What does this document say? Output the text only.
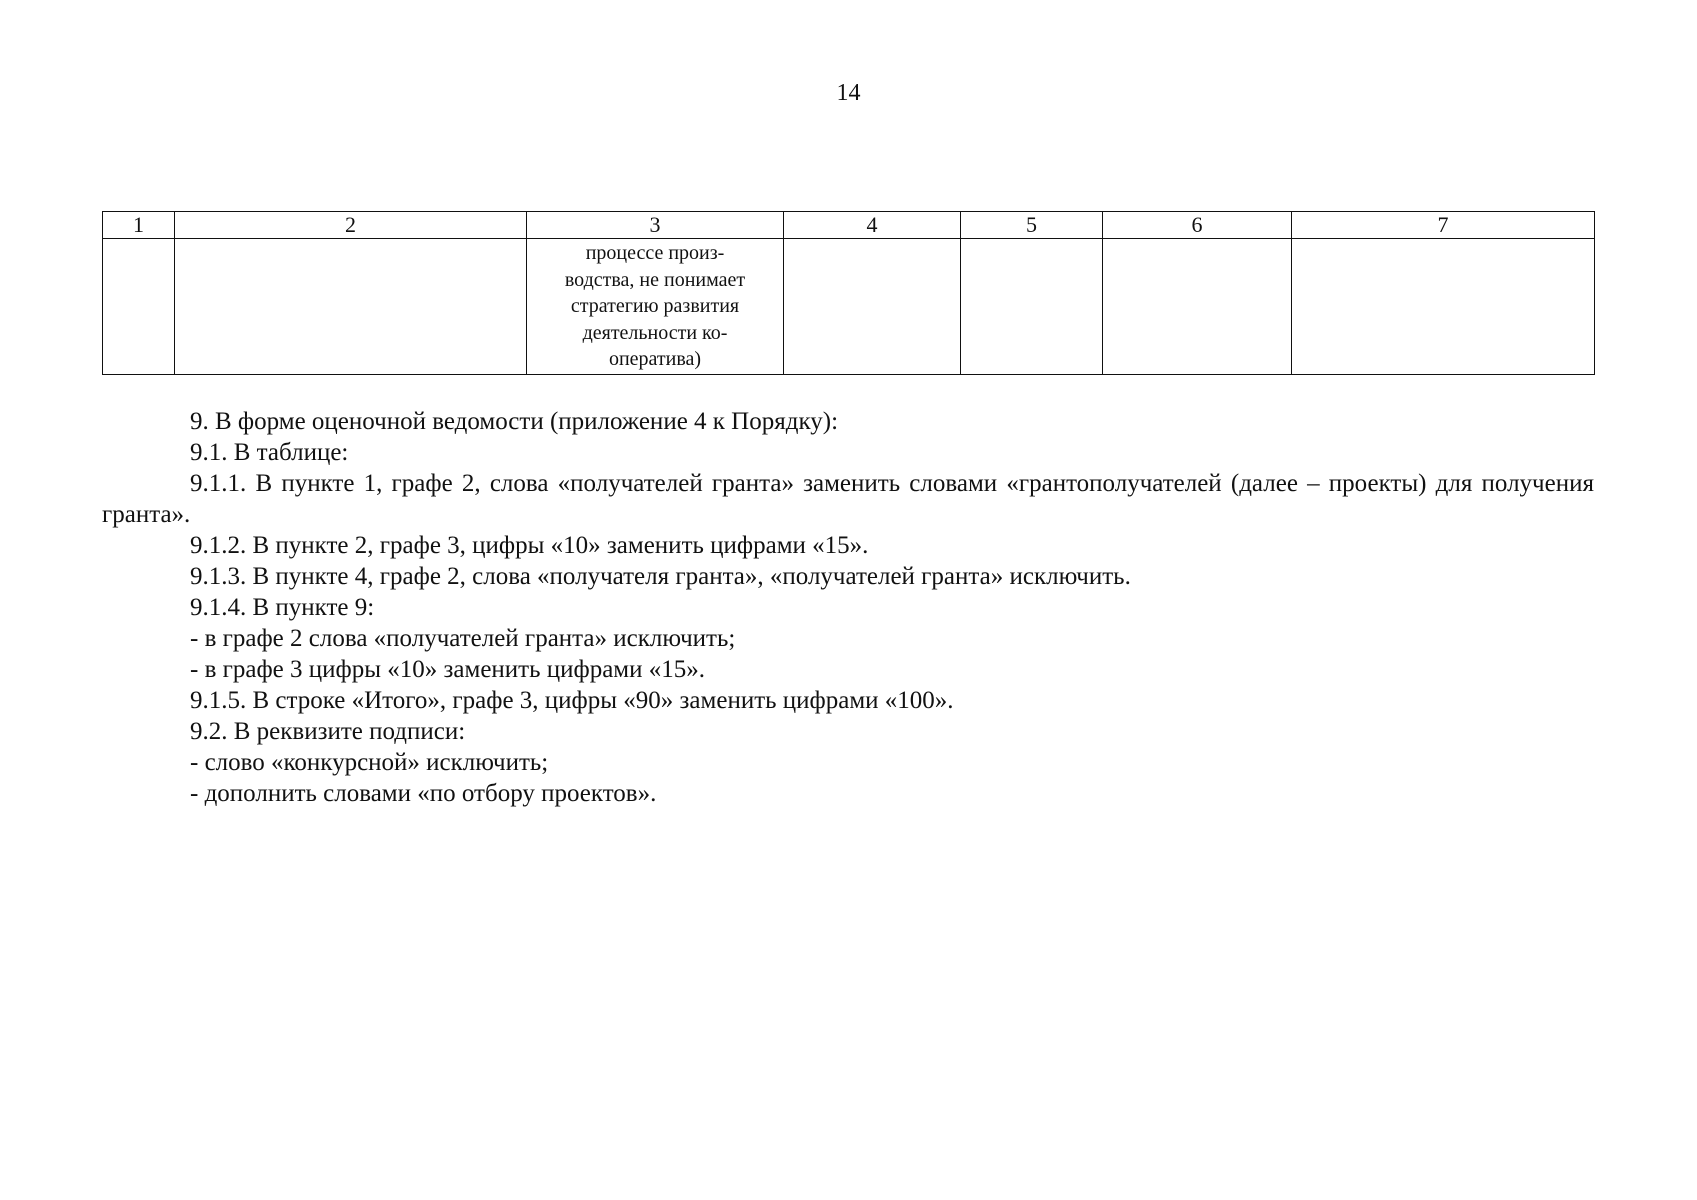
14
1	2	3	4	5	6	7

		процессе произ-
водства, не понимает
стратегию развития
деятельности ко-
оператива)				

9. В форме оценочной ведомости (приложение 4 к Порядку):

9.1. В таблице:

9.1.1. В пункте 1, графе 2, слова «получателей гранта» заменить словами «грантополучателей (далее – проекты) для получения гранта».

9.1.2. В пункте 2, графе 3, цифры «10» заменить цифрами «15».

9.1.3. В пункте 4, графе 2, слова «получателя гранта», «получателей гранта» исключить.

9.1.4. В пункте 9:

- в графе 2 слова «получателей гранта» исключить;

- в графе 3 цифры «10» заменить цифрами «15».

9.1.5. В строке «Итого», графе 3, цифры «90» заменить цифрами «100».

9.2. В реквизите подписи:

- слово «конкурсной» исключить;

- дополнить словами «по отбору проектов».
